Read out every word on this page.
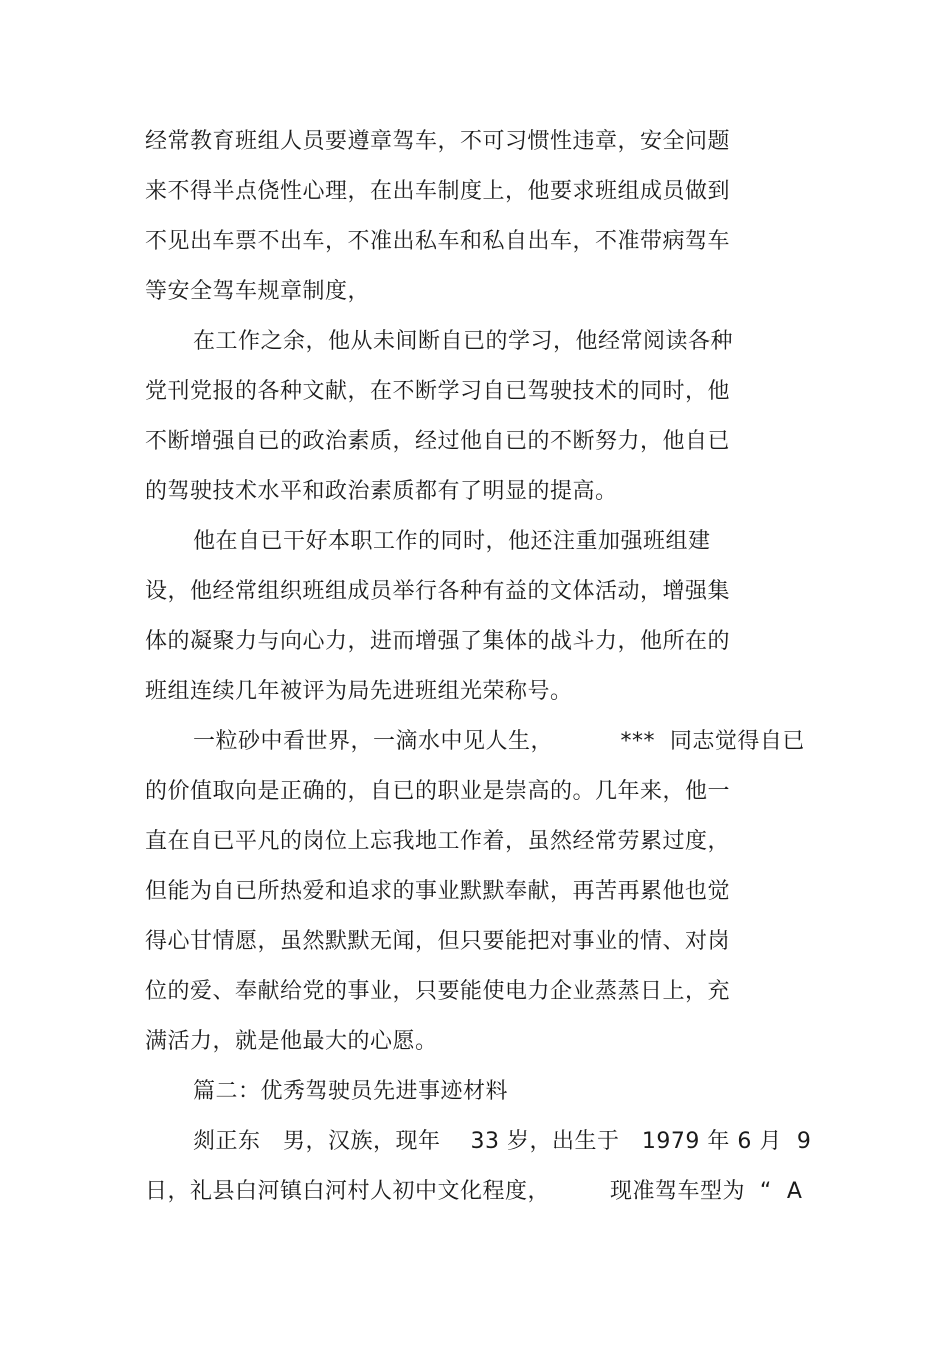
经常教育班组人员要遵章驾车，不可习惯性违章，安全问题
来不得半点侥性心理，在出车制度上，他要求班组成员做到
不见出车票不出车，不准出私车和私自出车，不准带病驾车
等安全驾车规章制度，
在工作之余，他从未间断自已的学习，他经常阅读各种
党刊党报的各种文献，在不断学习自已驾驶技术的同时，他
不断增强自已的政治素质，经过他自已的不断努力，他自已
的驾驶技术水平和政治素质都有了明显的提高。
他在自已干好本职工作的同时，他还注重加强班组建
设，他经常组织班组成员举行各种有益的文体活动，增强集
体的凝聚力与向心力，进而增强了集体的战斗力，他所在的
班组连续几年被评为局先进班组光荣称号。
一粒砂中看世界，一滴水中见人生，         ***  同志觉得自已
的价值取向是正确的，自已的职业是崇高的。几年来，他一
直在自已平凡的岗位上忘我地工作着，虽然经常劳累过度，
但能为自已所热爱和追求的事业默默奉献，再苦再累他也觉
得心甘情愿，虽然默默无闻，但只要能把对事业的情、对岗
位的爱、奉献给党的事业，只要能使电力企业蒸蒸日上，充
满活力，就是他最大的心愿。
篇二：优秀驾驶员先进事迹材料
剡正东   男，汉族，现年    33 岁，出生于   1979 年 6 月  9
日，礼县白河镇白河村人初中文化程度，        现准驾车型为  “  A
